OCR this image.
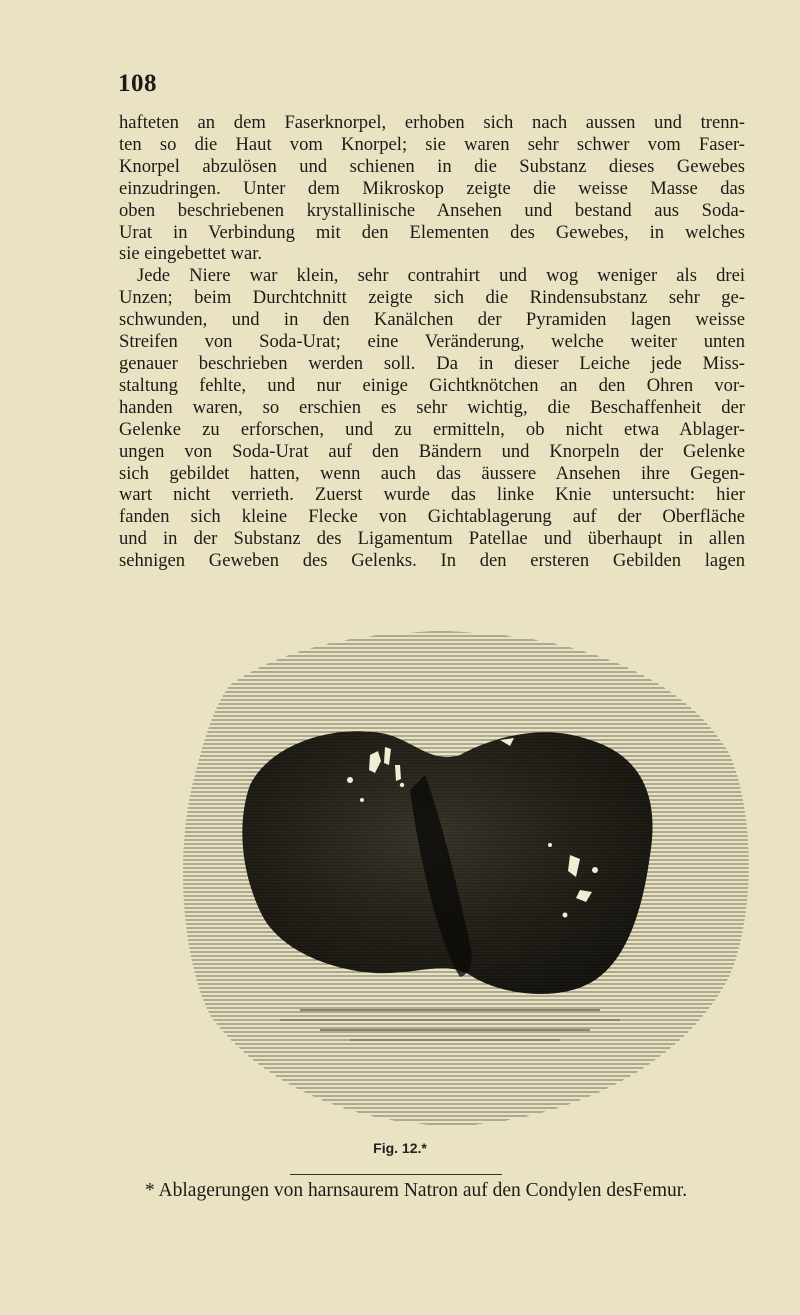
108
hafteten an dem Faserknorpel, erhoben sich nach aussen und trenn-
ten so die Haut vom Knorpel; sie waren sehr schwer vom Faser-
Knorpel abzulösen und schienen in die Substanz dieses Gewebes
einzudringen. Unter dem Mikroskop zeigte die weisse Masse das
oben beschriebenen krystallinische Ansehen und bestand aus Soda-
Urat in Verbindung mit den Elementen des Gewebes, in welches
sie eingebettet war.
Jede Niere war klein, sehr contrahirt und wog weniger als drei
Unzen; beim Durchtchnitt zeigte sich die Rindensubstanz sehr ge-
schwunden, und in den Kanälchen der Pyramiden lagen weisse
Streifen von Soda-Urat; eine Veränderung, welche weiter unten
genauer beschrieben werden soll. Da in dieser Leiche jede Miss-
staltung fehlte, und nur einige Gichtknötchen an den Ohren vor-
handen waren, so erschien es sehr wichtig, die Beschaffenheit der
Gelenke zu erforschen, und zu ermitteln, ob nicht etwa Ablager-
ungen von Soda-Urat auf den Bändern und Knorpeln der Gelenke
sich gebildet hatten, wenn auch das äussere Ansehen ihre Gegen-
wart nicht verrieth. Zuerst wurde das linke Knie untersucht: hier
fanden sich kleine Flecke von Gichtablagerung auf der Oberfläche
und in der Substanz des Ligamentum Patellae und überhaupt in allen
sehnigen Geweben des Gelenks. In den ersteren Gebilden lagen
Fig. 12.*
* Ablagerungen von harnsaurem Natron auf den Condylen desFemur.
